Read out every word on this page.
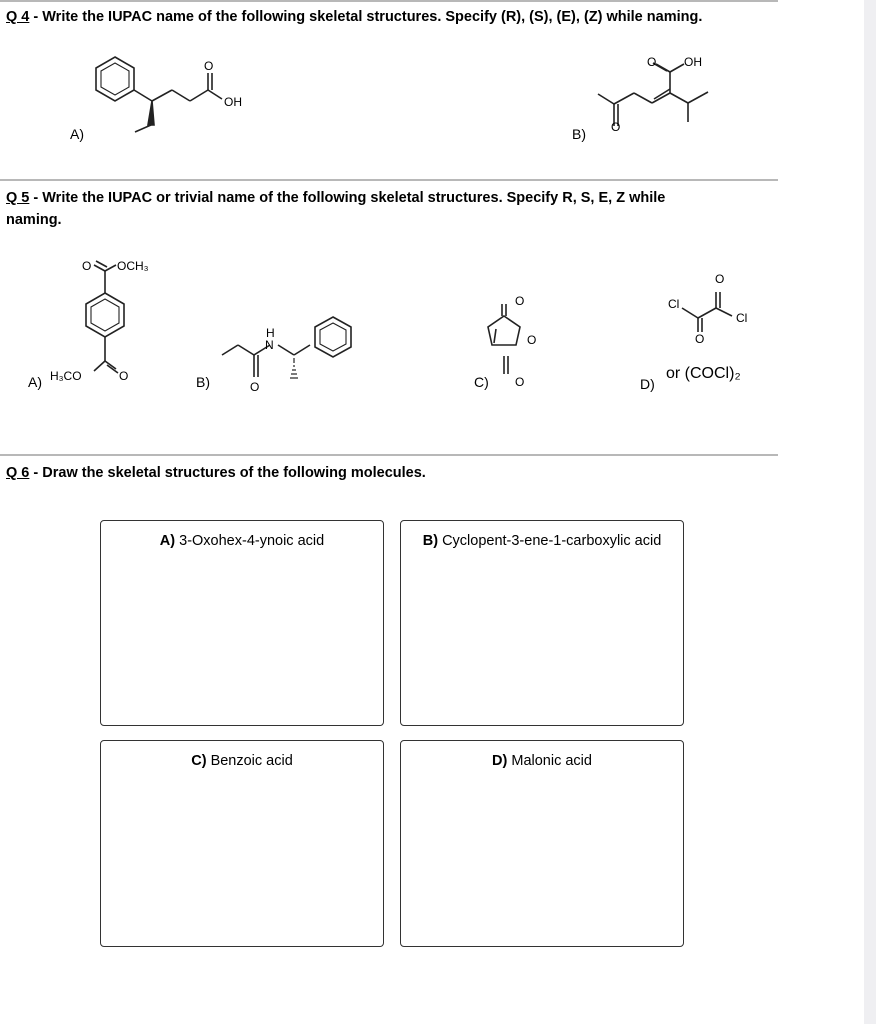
Q 4 - Write the IUPAC name of the following skeletal structures. Specify (R), (S), (E), (Z) while naming.
O
OH
A)
O OH
O
B)
Q 5 - Write the IUPAC or trivial name of the following skeletal structures. Specify R, S, E, Z while
naming.
O OCH₃
H₃CO	O
A)
H
N
O
B)
O
O
O
C)
O
Cl
Cl
O
D)
or (COCl)₂
Q 6 - Draw the skeletal structures of the following molecules.
A) 3-Oxohex-4-ynoic acid	B) Cyclopent-3-ene-1-carboxylic acid
C) Benzoic acid	D) Malonic acid
